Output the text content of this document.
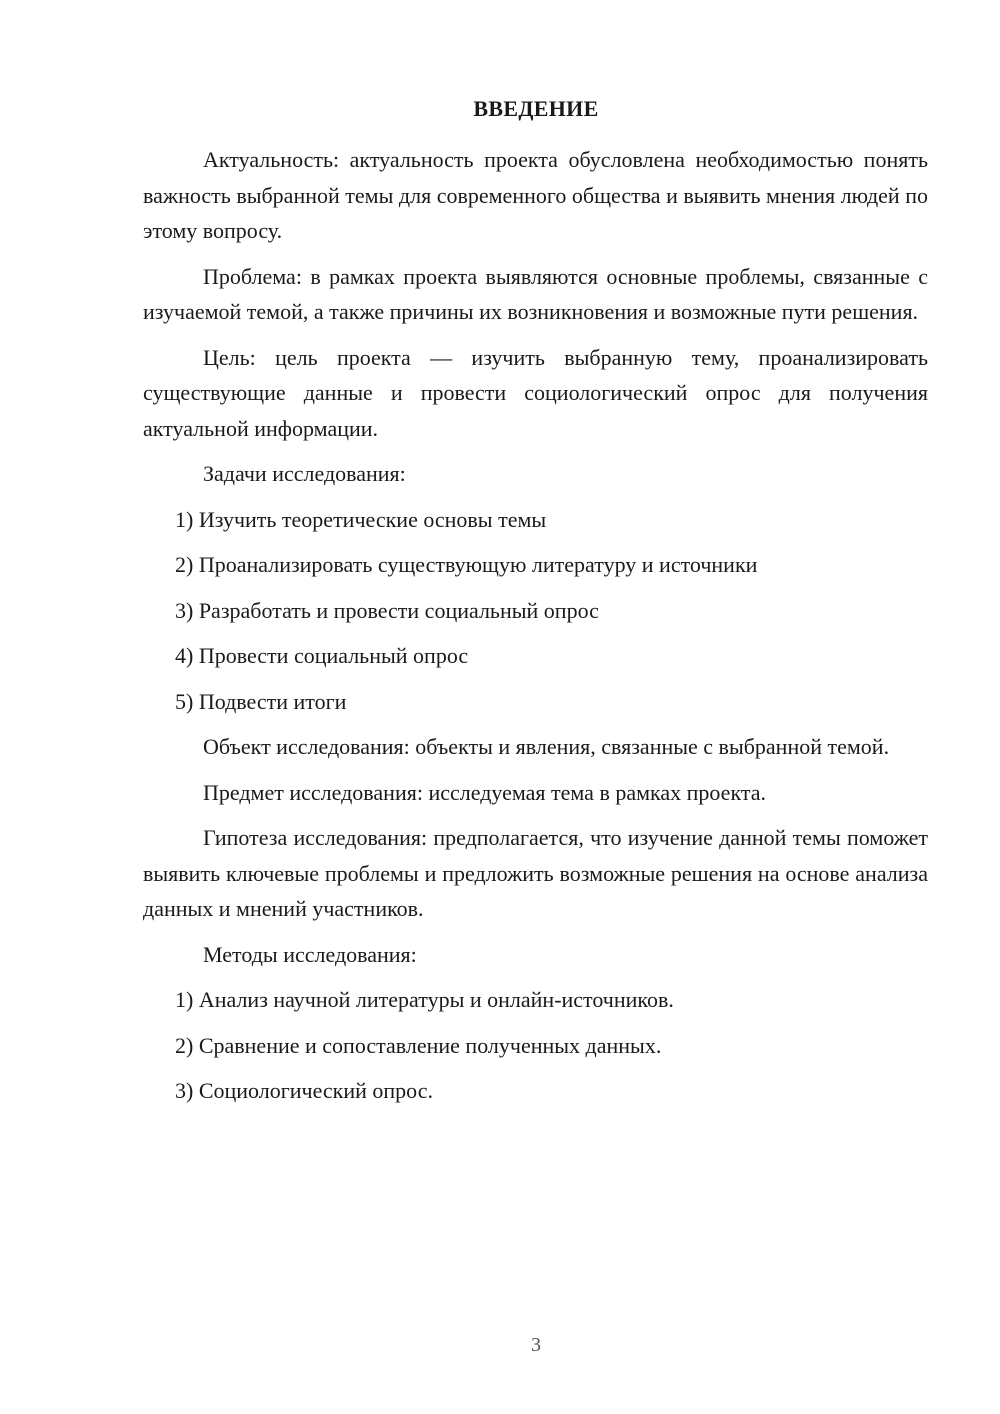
ВВЕДЕНИЕ

Актуальность: актуальность проекта обусловлена необходимостью понять важность выбранной темы для современного общества и выявить мнения людей по этому вопросу.

Проблема: в рамках проекта выявляются основные проблемы, связанные с изучаемой темой, а также причины их возникновения и возможные пути решения.

Цель: цель проекта — изучить выбранную тему, проанализировать существующие данные и провести социологический опрос для получения актуальной информации.

Задачи исследования:

1) Изучить теоретические основы темы
2) Проанализировать существующую литературу и источники
3) Разработать и провести социальный опрос
4) Провести социальный опрос
5) Подвести итоги

Объект исследования: объекты и явления, связанные с выбранной темой.

Предмет исследования: исследуемая тема в рамках проекта.

Гипотеза исследования: предполагается, что изучение данной темы поможет выявить ключевые проблемы и предложить возможные решения на основе анализа данных и мнений участников.

Методы исследования:

1) Анализ научной литературы и онлайн-источников.
2) Сравнение и сопоставление полученных данных.
3) Социологический опрос.
3
